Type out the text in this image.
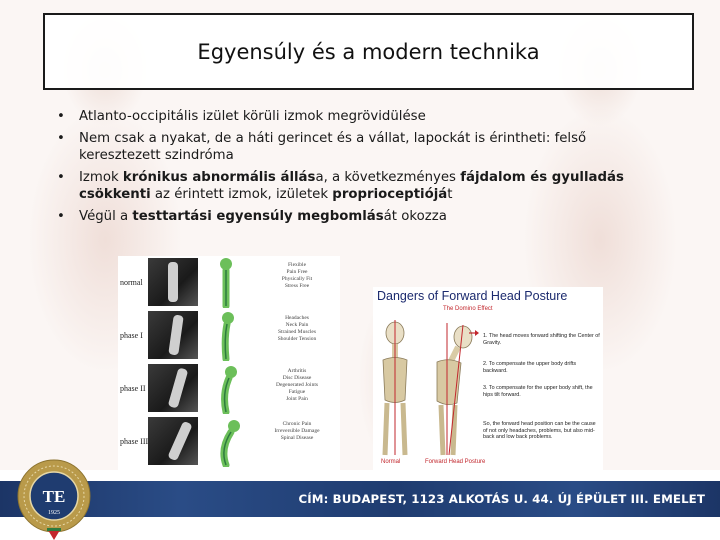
Egyensúly és a modern technika
• Atlanto-occipitális izület körüli izmok megrövidülése
• Nem csak a nyakat, de a háti gerincet és a vállat, lapockát is érintheti: felső keresztezett szindróma
• Izmok krónikus abnormális állása, a következményes fájdalom és gyulladás csökkenti az érintett izmok, izületek proprioceptióját
• Végül a testtartási egyensúly megbomlását okozza
normal
Flexible
Pain Free
Physically Fit
Stress Free
phase I
Headaches
Neck Pain
Strained Muscles
Shoulder Tension
phase II
Arthritis
Disc Disease
Degenerated Joints
Fatigue
Joint Pain
phase III
Chronic Pain
Irreversible Damage
Spinal Disease
Dangers of Forward Head Posture
The Domino Effect
1. The head moves forward shifting the Center of Gravity.
2. To compensate the upper body drifts backward.
3. To compensate for the upper body shift, the hips tilt forward.
So, the forward head position can be the cause of not only headaches, problems, but also mid-back and low back problems.
Normal	Forward Head Posture
CÍM: BUDAPEST, 1123 ALKOTÁS U. 44. ÚJ ÉPÜLET III. EMELET
TE
1925
